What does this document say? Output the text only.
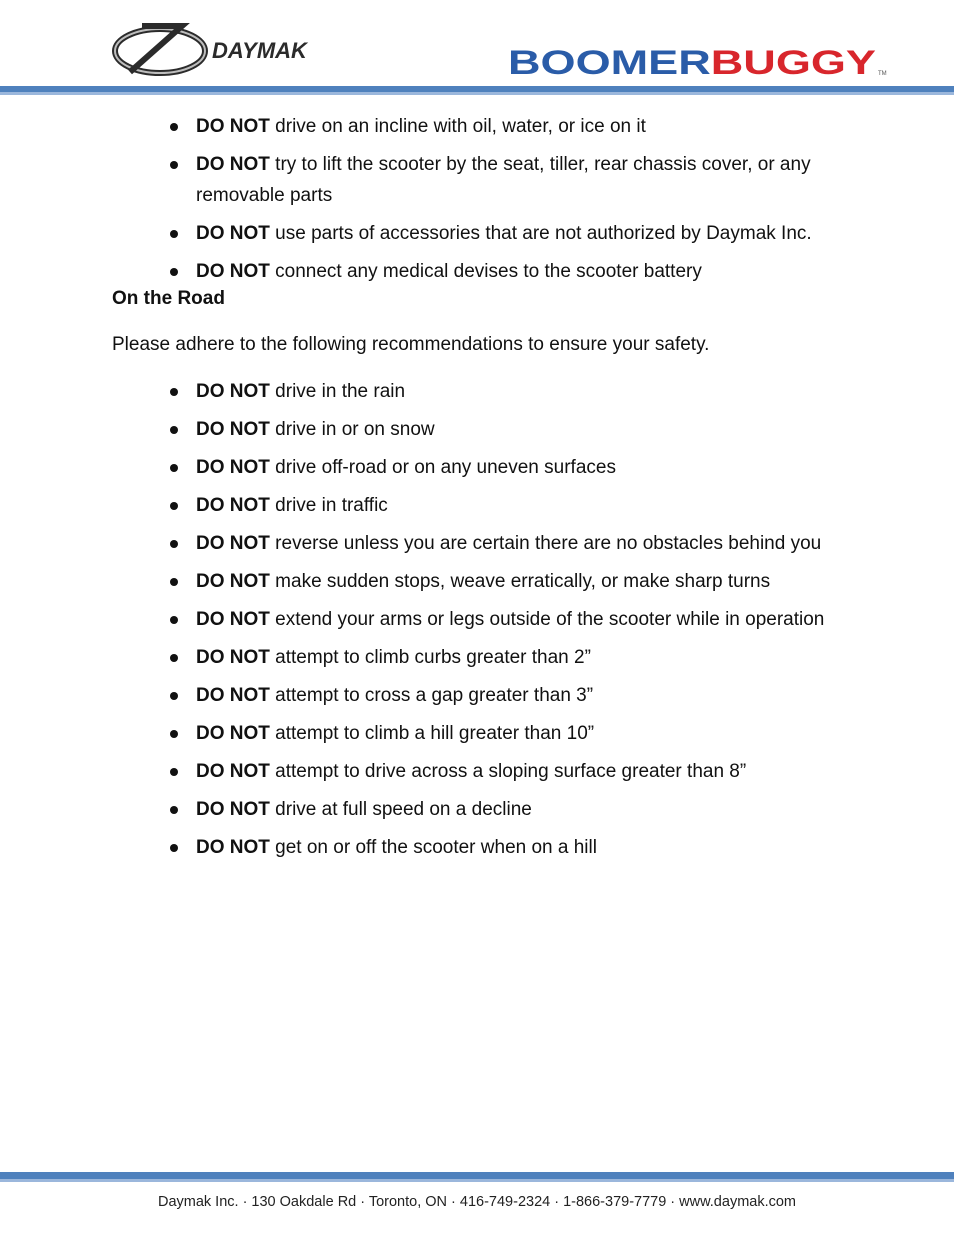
DAYMAK	BOOMER BUGGY	TM
DO NOT drive on an incline with oil, water, or ice on it
DO NOT try to lift the scooter by the seat, tiller, rear chassis cover, or any removable parts
DO NOT use parts of accessories that are not authorized by Daymak Inc.
DO NOT connect any medical devises to the scooter battery
On the Road
Please adhere to the following recommendations to ensure your safety.
DO NOT drive in the rain
DO NOT drive in or on snow
DO NOT drive off-road or on any uneven surfaces
DO NOT drive in traffic
DO NOT reverse unless you are certain there are no obstacles behind you
DO NOT make sudden stops, weave erratically, or make sharp turns
DO NOT extend your arms or legs outside of the scooter while in operation
DO NOT attempt to climb curbs greater than 2”
DO NOT attempt to cross a gap greater than 3”
DO NOT attempt to climb a hill greater than 10”
DO NOT attempt to drive across a sloping surface greater than 8”
DO NOT drive at full speed on a decline
DO NOT get on or off the scooter when on a hill
Daymak Inc. · 130 Oakdale Rd · Toronto, ON · 416-749-2324 · 1-866-379-7779 · www.daymak.com
